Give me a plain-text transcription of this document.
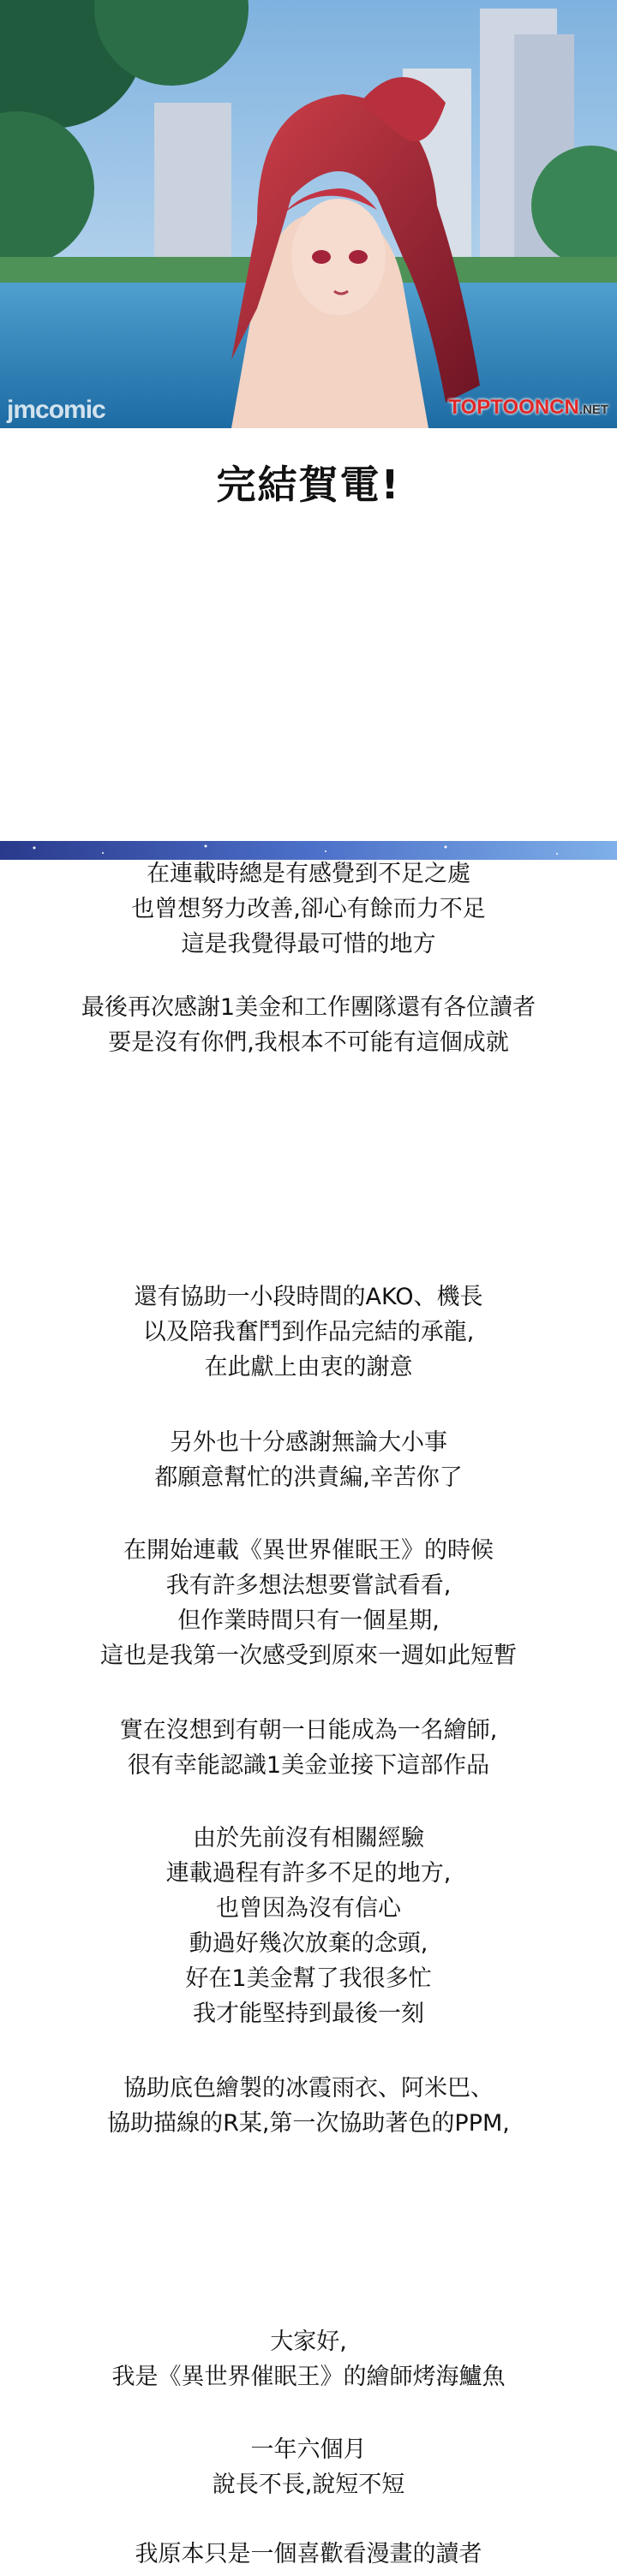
jmcomic	TOPTOONCN.NET
完結賀電!

在連載時總是有感覺到不足之處

也曾想努力改善,卻心有餘而力不足

這是我覺得最可惜的地方

最後再次感謝1美金和工作團隊還有各位讀者

要是沒有你們,我根本不可能有這個成就

還有協助一小段時間的AKO、機長

以及陪我奮鬥到作品完結的承龍,

在此獻上由衷的謝意

另外也十分感謝無論大小事

都願意幫忙的洪責編,辛苦你了

在開始連載《異世界催眠王》的時候

我有許多想法想要嘗試看看,

但作業時間只有一個星期,

這也是我第一次感受到原來一週如此短暫

實在沒想到有朝一日能成為一名繪師,

很有幸能認識1美金並接下這部作品

由於先前沒有相關經驗

連載過程有許多不足的地方,

也曾因為沒有信心

動過好幾次放棄的念頭,

好在1美金幫了我很多忙

我才能堅持到最後一刻

協助底色繪製的冰霞雨衣、阿米巴、

協助描線的R某,第一次協助著色的PPM,

大家好,

我是《異世界催眠王》的繪師烤海鱸魚

一年六個月

說長不長,說短不短

我原本只是一個喜歡看漫畫的讀者
